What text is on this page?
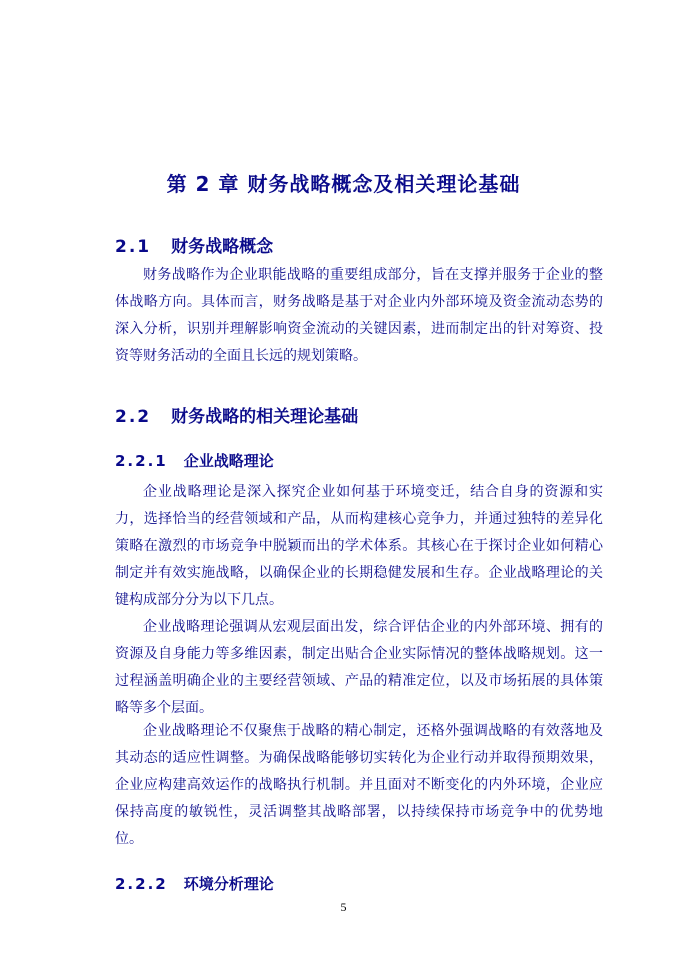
第 2 章 财务战略概念及相关理论基础
2.1 财务战略概念

财务战略作为企业职能战略的重要组成部分，旨在支撑并服务于企业的整体战略方向。具体而言，财务战略是基于对企业内外部环境及资金流动态势的深入分析，识别并理解影响资金流动的关键因素，进而制定出的针对筹资、投资等财务活动的全面且长远的规划策略。

2.2 财务战略的相关理论基础
2.2.1 企业战略理论

企业战略理论是深入探究企业如何基于环境变迁，结合自身的资源和实力，选择恰当的经营领域和产品，从而构建核心竞争力，并通过独特的差异化策略在激烈的市场竞争中脱颖而出的学术体系。其核心在于探讨企业如何精心制定并有效实施战略，以确保企业的长期稳健发展和生存。企业战略理论的关键构成部分分为以下几点。

企业战略理论强调从宏观层面出发，综合评估企业的内外部环境、拥有的资源及自身能力等多维因素，制定出贴合企业实际情况的整体战略规划。这一过程涵盖明确企业的主要经营领域、产品的精准定位，以及市场拓展的具体策略等多个层面。

企业战略理论不仅聚焦于战略的精心制定，还格外强调战略的有效落地及其动态的适应性调整。为确保战略能够切实转化为企业行动并取得预期效果，企业应构建高效运作的战略执行机制。并且面对不断变化的内外环境，企业应保持高度的敏锐性，灵活调整其战略部署，以持续保持市场竞争中的优势地位。

2.2.2 环境分析理论
5
